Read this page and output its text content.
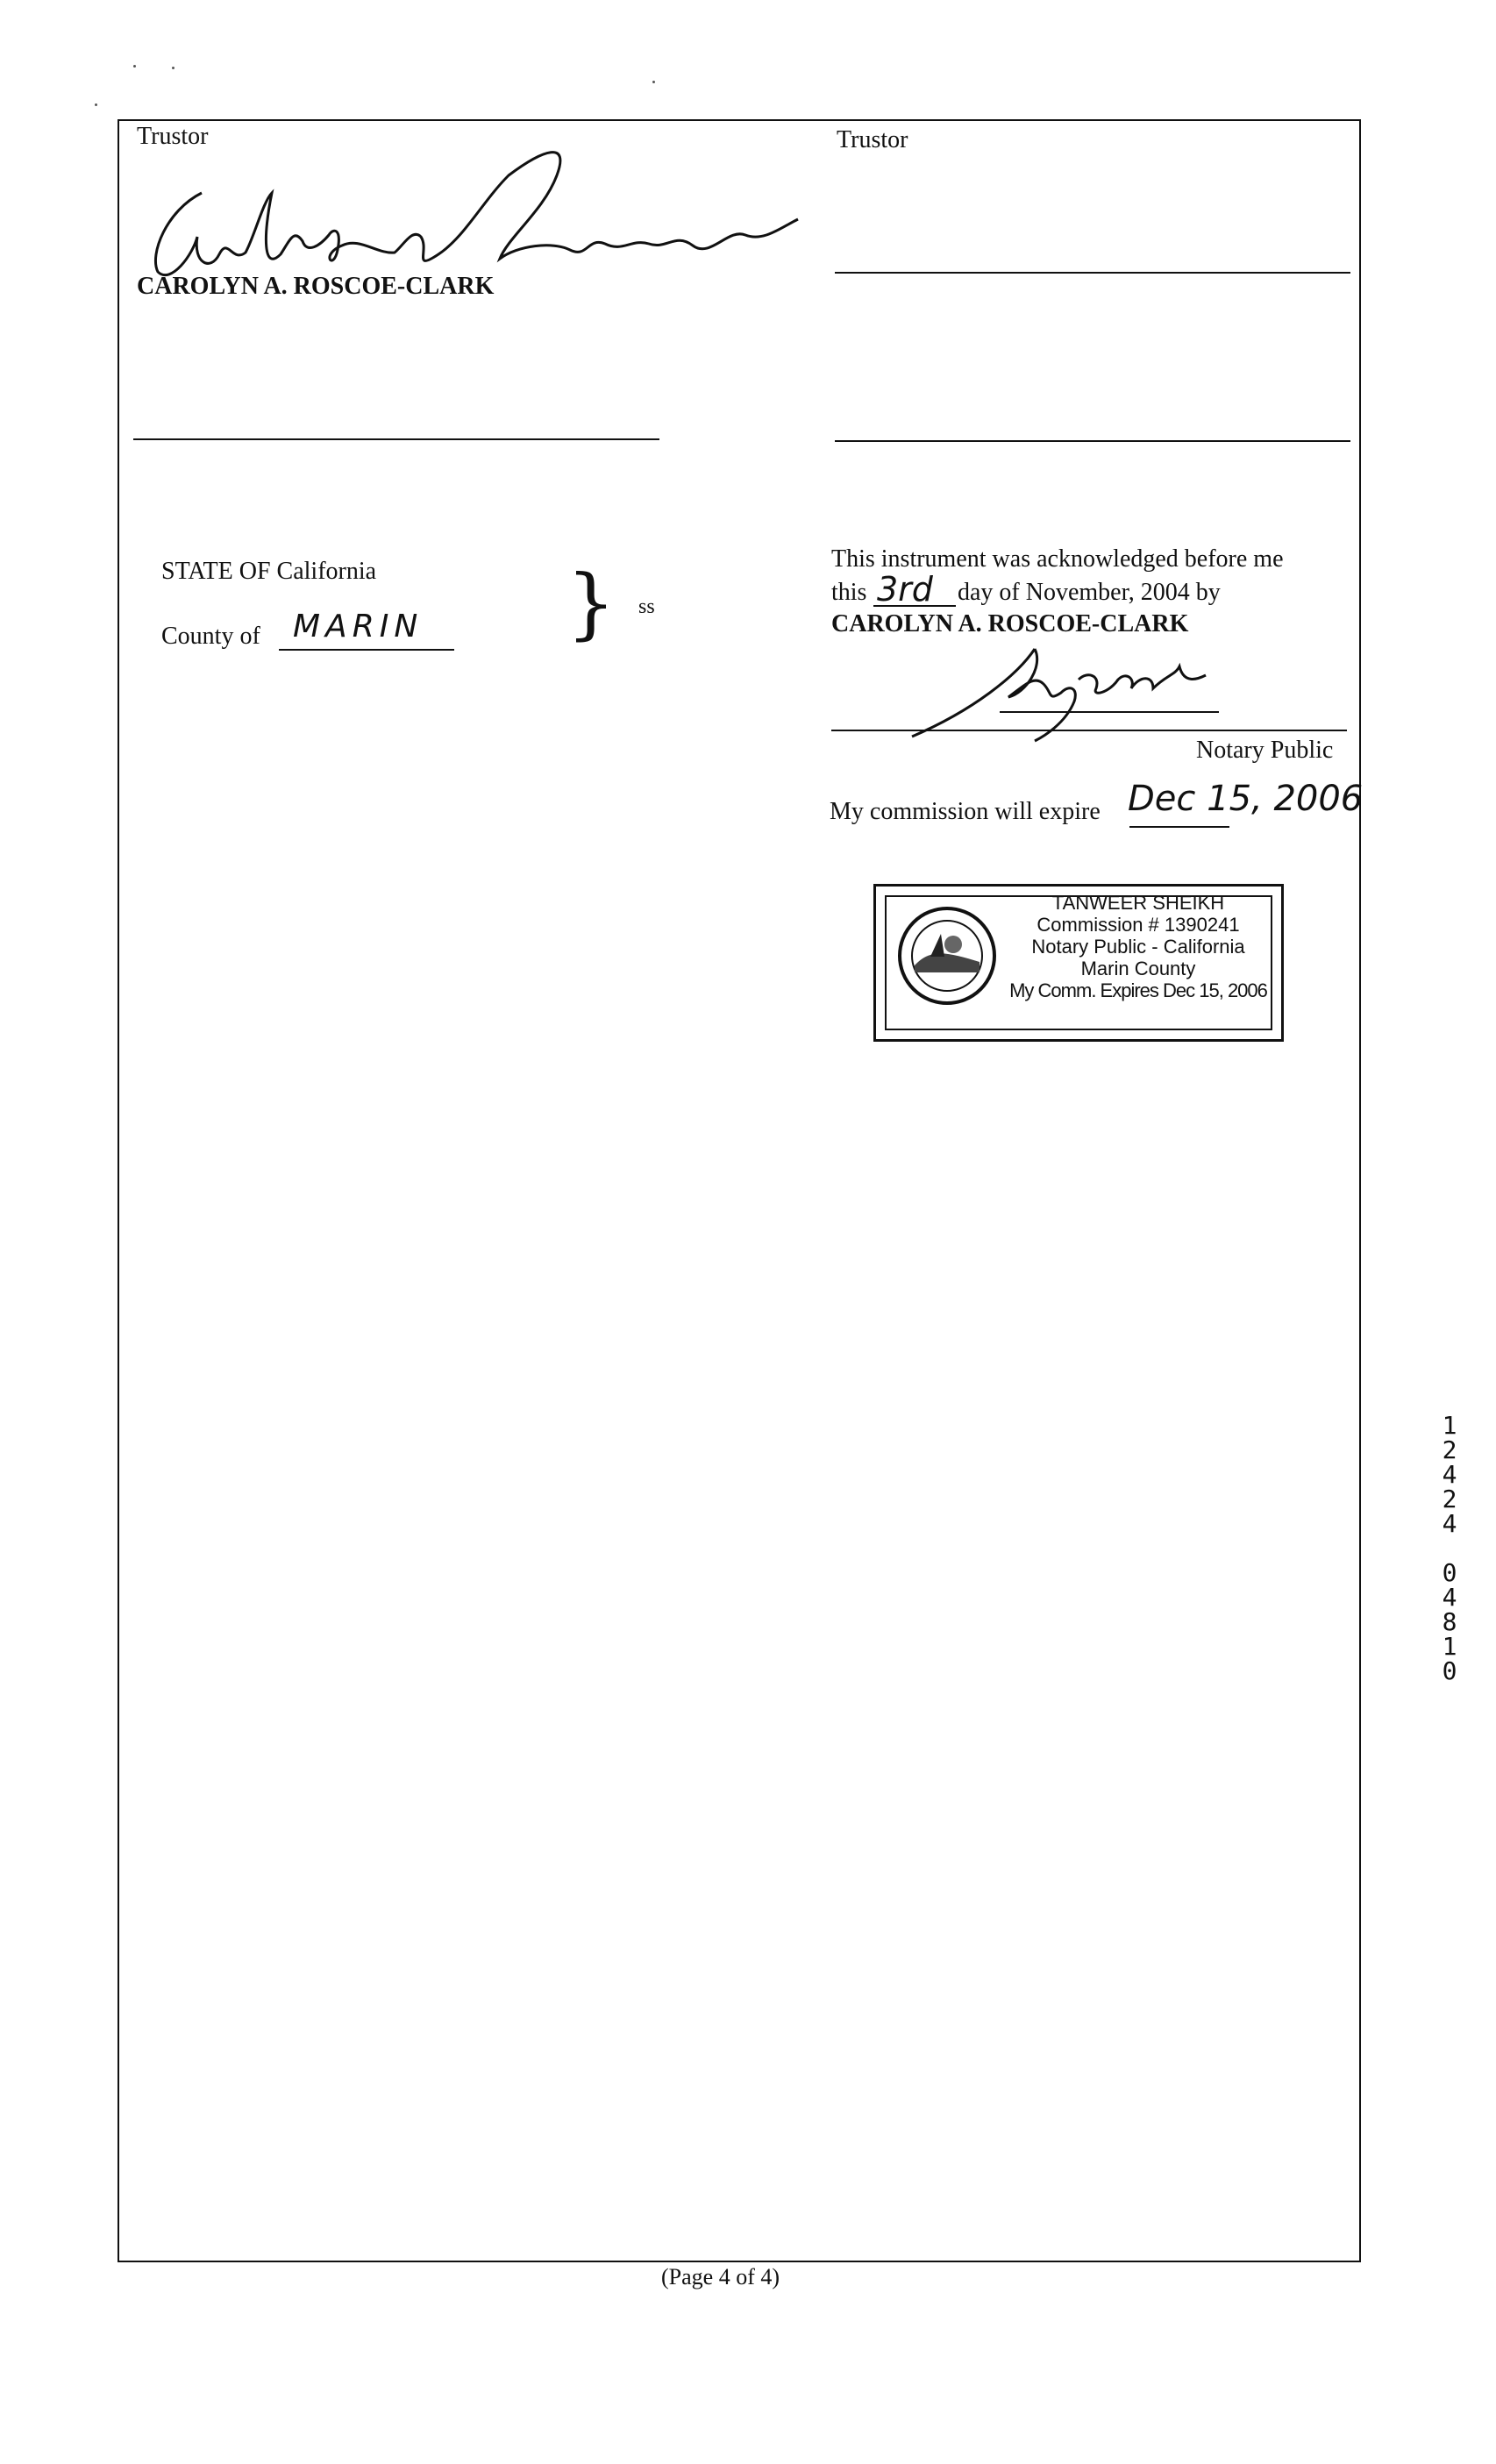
Trustor
CAROLYN A. ROSCOE-CLARK
Trustor
STATE OF California
County of MARIN } ss
This instrument was acknowledged before me
this 3rd day of November, 2004 by
CAROLYN A. ROSCOE-CLARK
Notary Public
My commission will expire Dec 15, 2006
TANWEER SHEIKH
Commission # 1390241
Notary Public - California
Marin County
My Comm. Expires Dec 15, 2006
1
2
4
2
4
0
4
8
1
0
(Page 4 of 4)
